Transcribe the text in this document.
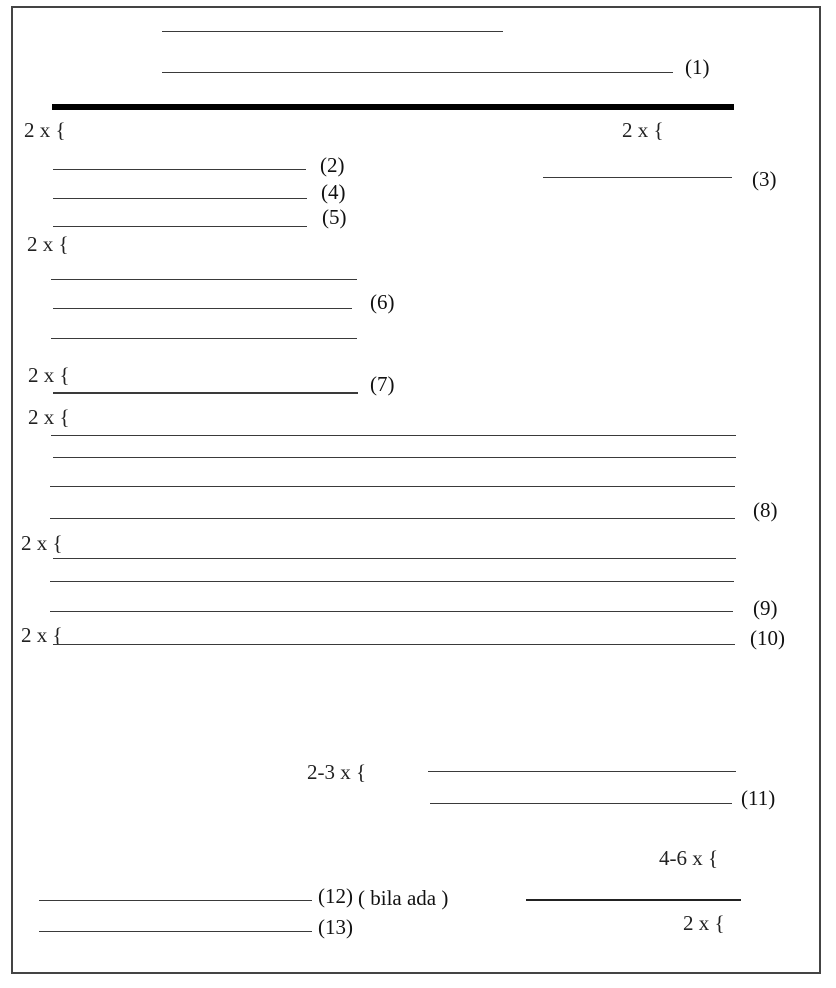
(1)
2 x {	2 x {
(2)
(4)
(5)
(3)
2 x {
(6)
2 x {	(7)
2 x {
(8)
2 x {
(9)
2 x {	(10)
2-3 x {
(11)
4-6 x {
2 x {
(12) ( bila ada )
(13)
